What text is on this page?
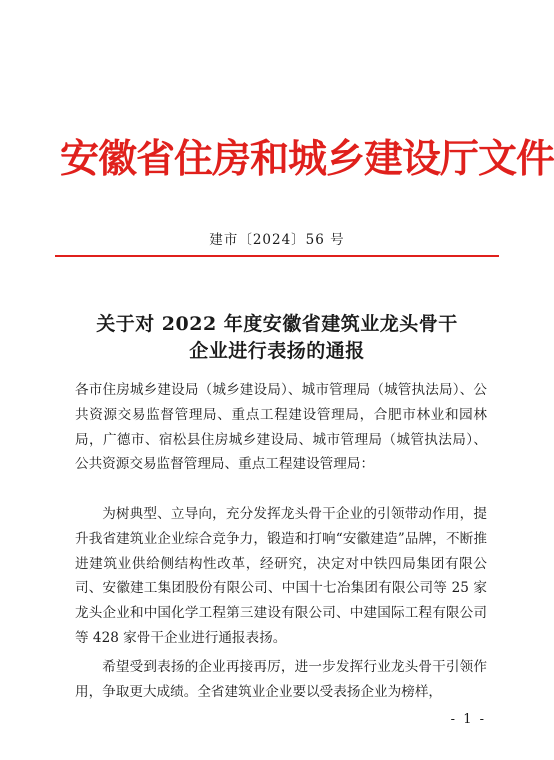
安徽省住房和城乡建设厅文件
建市〔2024〕56 号
关于对 2022 年度安徽省建筑业龙头骨干
企业进行表扬的通报

各市住房城乡建设局（城乡建设局）、城市管理局（城管执法局）、公共资源交易监督管理局、重点工程建设管理局，合肥市林业和园林局，广德市、宿松县住房城乡建设局、城市管理局（城管执法局）、公共资源交易监督管理局、重点工程建设管理局：

为树典型、立导向，充分发挥龙头骨干企业的引领带动作用，提升我省建筑业企业综合竞争力，锻造和打响“安徽建造”品牌，不断推进建筑业供给侧结构性改革，经研究，决定对中铁四局集团有限公司、安徽建工集团股份有限公司、中国十七冶集团有限公司等 25 家龙头企业和中国化学工程第三建设有限公司、中建国际工程有限公司等 428 家骨干企业进行通报表扬。

希望受到表扬的企业再接再厉，进一步发挥行业龙头骨干引领作用，争取更大成绩。全省建筑业企业要以受表扬企业为榜样，

- 1 -
